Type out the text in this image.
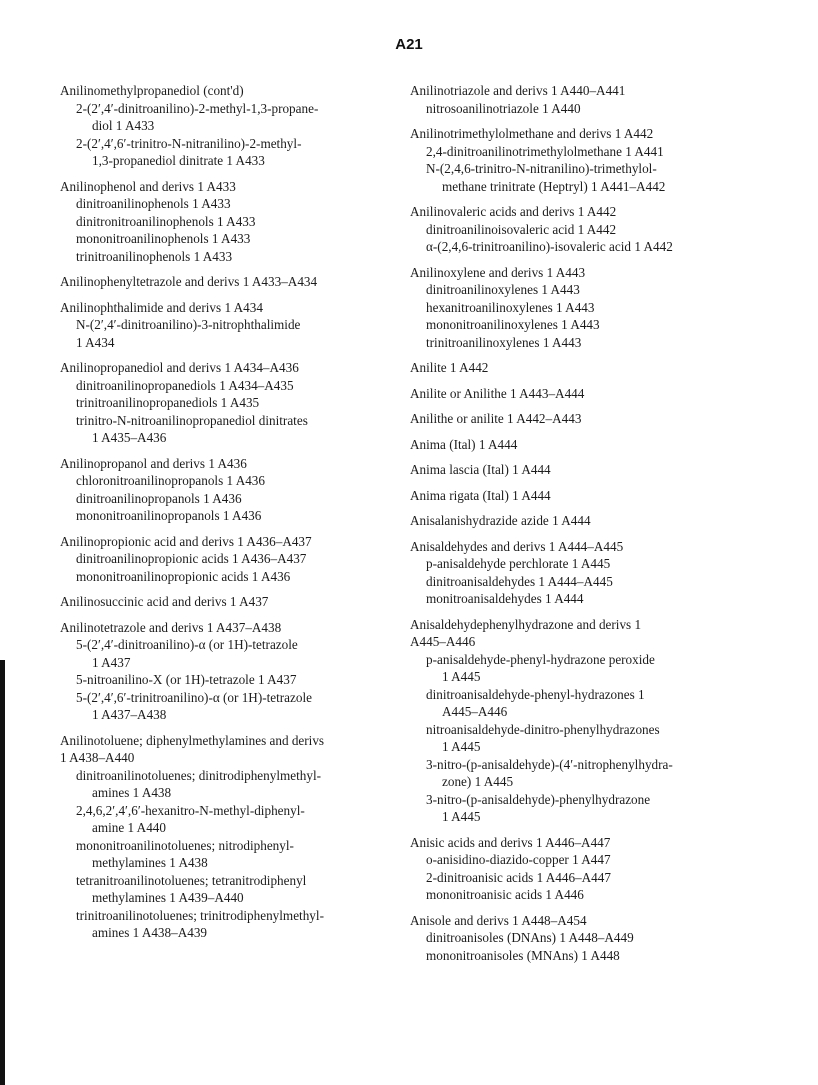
A21
Anilinomethylpropanediol (cont'd)
2-(2′,4′-dinitroanilino)-2-methyl-1,3-propane-
diol 1 A433
2-(2′,4′,6′-trinitro-N-nitranilino)-2-methyl-
1,3-propanediol dinitrate 1 A433
Anilinophenol and derivs 1 A433
dinitroanilinophenols 1 A433
dinitronitroanilinophenols 1 A433
mononitroanilinophenols 1 A433
trinitroanilinophenols 1 A433
Anilinophenyltetrazole and derivs 1 A433–A434
Anilinophthalimide and derivs 1 A434
N-(2′,4′-dinitroanilino)-3-nitrophthalimide
1 A434
Anilinopropanediol and derivs 1 A434–A436
dinitroanilinopropanediols 1 A434–A435
trinitroanilinopropanediols 1 A435
trinitro-N-nitroanilinopropanediol dinitrates
1 A435–A436
Anilinopropanol and derivs 1 A436
chloronitroanilinopropanols 1 A436
dinitroanilinopropanols 1 A436
mononitroanilinopropanols 1 A436
Anilinopropionic acid and derivs 1 A436–A437
dinitroanilinopropionic acids 1 A436–A437
mononitroanilinopropionic acids 1 A436
Anilinosuccinic acid and derivs 1 A437
Anilinotetrazole and derivs 1 A437–A438
5-(2′,4′-dinitroanilino)-α (or 1H)-tetrazole
1 A437
5-nitroanilino-X (or 1H)-tetrazole 1 A437
5-(2′,4′,6′-trinitroanilino)-α (or 1H)-tetrazole
1 A437–A438
Anilinotoluene; diphenylmethylamines and derivs
1 A438–A440
dinitroanilinotoluenes; dinitrodiphenylmethyl-
amines 1 A438
2,4,6,2′,4′,6′-hexanitro-N-methyl-diphenyl-
amine 1 A440
mononitroanilinotoluenes; nitrodiphenyl-
methylamines 1 A438
tetranitroanilinotoluenes; tetranitrodiphenyl
methylamines 1 A439–A440
trinitroanilinotoluenes; trinitrodiphenylmethyl-
amines 1 A438–A439
Anilinotriazole and derivs 1 A440–A441
nitrosoanilinotriazole 1 A440
Anilinotrimethylolmethane and derivs 1 A442
2,4-dinitroanilinotrimethylolmethane 1 A441
N-(2,4,6-trinitro-N-nitranilino)-trimethylol-
methane trinitrate (Heptryl) 1 A441–A442
Anilinovaleric acids and derivs 1 A442
dinitroanilinoisovaleric acid 1 A442
α-(2,4,6-trinitroanilino)-isovaleric acid 1 A442
Anilinoxylene and derivs 1 A443
dinitroanilinoxylenes 1 A443
hexanitroanilinoxylenes 1 A443
mononitroanilinoxylenes 1 A443
trinitroanilinoxylenes 1 A443
Anilite 1 A442
Anilite or Anilithe 1 A443–A444
Anilithe or anilite 1 A442–A443
Anima (Ital) 1 A444
Anima lascia (Ital) 1 A444
Anima rigata (Ital) 1 A444
Anisalanishydrazide azide 1 A444
Anisaldehydes and derivs 1 A444–A445
p-anisaldehyde perchlorate 1 A445
dinitroanisaldehydes 1 A444–A445
monitroanisaldehydes 1 A444
Anisaldehydephenylhydrazone and derivs 1
A445–A446
p-anisaldehyde-phenyl-hydrazone peroxide
1 A445
dinitroanisaldehyde-phenyl-hydrazones 1
A445–A446
nitroanisaldehyde-dinitro-phenylhydrazones
1 A445
3-nitro-(p-anisaldehyde)-(4′-nitrophenylhydra-
zone) 1 A445
3-nitro-(p-anisaldehyde)-phenylhydrazone
1 A445
Anisic acids and derivs 1 A446–A447
o-anisidino-diazido-copper 1 A447
2-dinitroanisic acids 1 A446–A447
mononitroanisic acids 1 A446
Anisole and derivs 1 A448–A454
dinitroanisoles (DNAns) 1 A448–A449
mononitroanisoles (MNAns) 1 A448
